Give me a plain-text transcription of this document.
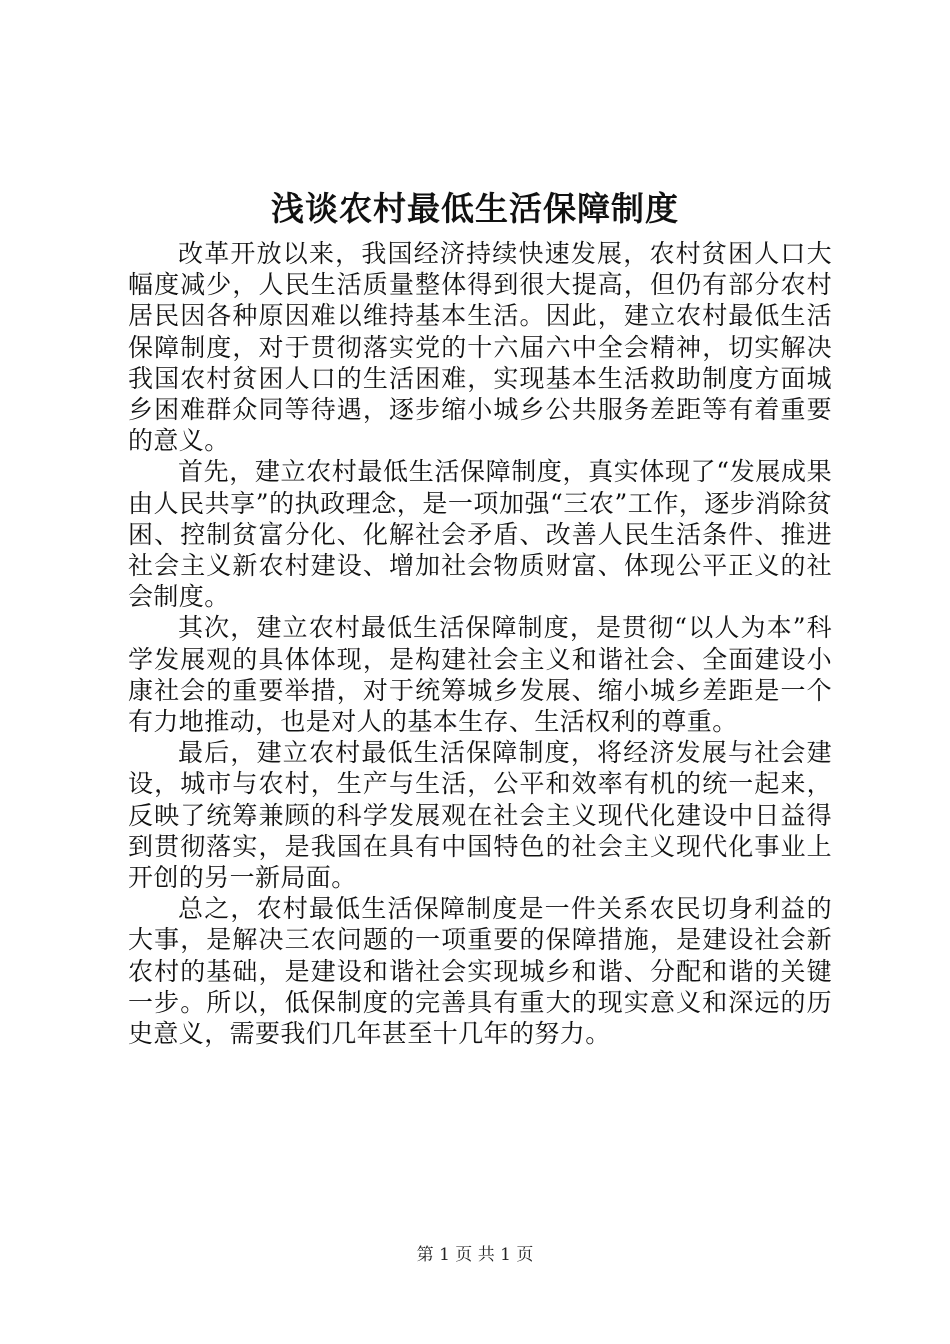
浅谈农村最低生活保障制度

改革开放以来，我国经济持续快速发展，农村贫困人口大幅度减少，人民生活质量整体得到很大提高，但仍有部分农村居民因各种原因难以维持基本生活。因此，建立农村最低生活保障制度，对于贯彻落实党的十六届六中全会精神，切实解决我国农村贫困人口的生活困难，实现基本生活救助制度方面城乡困难群众同等待遇，逐步缩小城乡公共服务差距等有着重要的意义。

首先，建立农村最低生活保障制度，真实体现了“发展成果由人民共享”的执政理念，是一项加强“三农”工作，逐步消除贫困、控制贫富分化、化解社会矛盾、改善人民生活条件、推进社会主义新农村建设、增加社会物质财富、体现公平正义的社会制度。

其次，建立农村最低生活保障制度，是贯彻“以人为本”科学发展观的具体体现，是构建社会主义和谐社会、全面建设小康社会的重要举措，对于统筹城乡发展、缩小城乡差距是一个有力地推动，也是对人的基本生存、生活权利的尊重。

最后，建立农村最低生活保障制度，将经济发展与社会建设，城市与农村，生产与生活，公平和效率有机的统一起来，反映了统筹兼顾的科学发展观在社会主义现代化建设中日益得到贯彻落实，是我国在具有中国特色的社会主义现代化事业上开创的另一新局面。

总之，农村最低生活保障制度是一件关系农民切身利益的大事，是解决三农问题的一项重要的保障措施，是建设社会新农村的基础，是建设和谐社会实现城乡和谐、分配和谐的关键一步。所以，低保制度的完善具有重大的现实意义和深远的历史意义，需要我们几年甚至十几年的努力。

第 1 页 共 1 页
